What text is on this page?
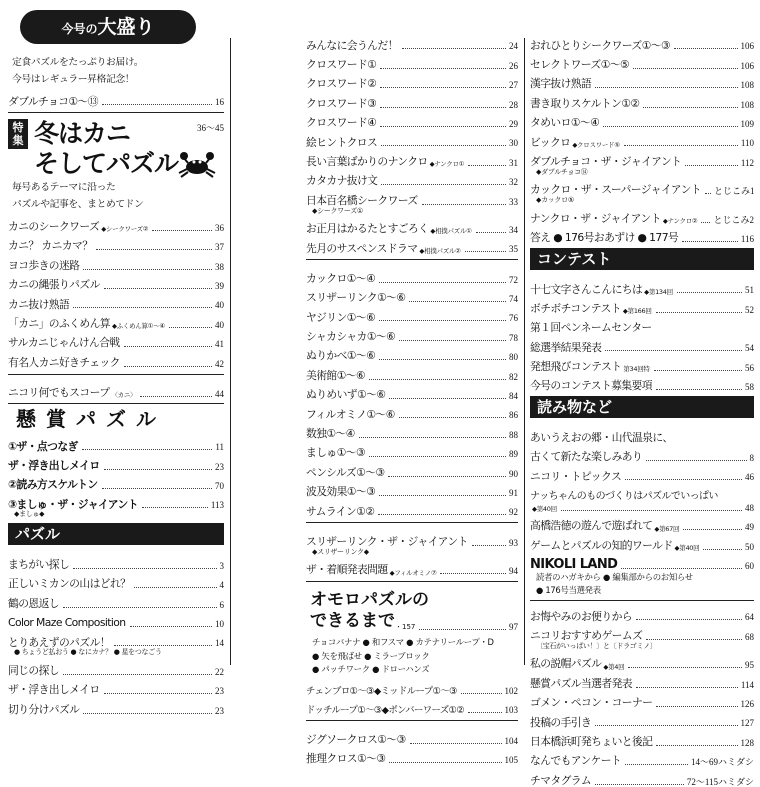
今号の大盛り
定食パズルをたっぷりお届け。
今号はレギュラー昇格記念！
ダブルチョコ①〜⑬	16
特集
36〜45
冬はカニ
そしてパズル
毎号あるテーマに沿った
パズルや記事を、まとめてドン
カニのシークワーズ ◆シークワーズ②	36
カニ？ カニカマ？	37
ヨコ歩きの迷路	38
カニの縄張りパズル	39
カニ抜け熟語	40
「カニ」のふくめん算 ◆ふくめん算①〜④	40
サルカニじゃんけん合戦	41
有名人カニ好きチェック	42
ニコリ何でもスコープ 〈カニ〉	44
懸賞パズル
①ザ・点つなぎ	11
ザ・浮き出しメイロ	23
②読み方スケルトン	70
③ましゅ・ザ・ジャイアント	113
◆ましゅ◆
パズル
まちがい探し	3
正しいミカンの山はどれ？	4
鶴の恩返し	6
Color Maze Composition	10
とりあえずのパズル！	14
● ちょうど払おう ● なにカナ？ ● 星をつなごう
同じの探し	22
ザ・浮き出しメイロ	23
切り分けパズル	23
みんなに会うんだ！	24
クロスワード①	26
クロスワード②	27
クロスワード③	28
クロスワード④	29
絵ヒントクロス	30
長い言葉ばかりのナンクロ ◆ナンクロ①	31
カタカナ抜け文	32
日本百名橋シークワーズ	33
◆シークワーズ①
お正月はかるたとすごろく ◆相撲パズル①	34
先月のサスペンスドラマ ◆相撲パズル②	35
カックロ①〜④	72
スリザーリンク①〜⑥	74
ヤジリン①〜⑥	76
シャカシャカ①〜⑥	78
ぬりかべ①〜⑥	80
美術館①〜⑥	82
ぬりめいず①〜⑥	84
フィルオミノ①〜⑥	86
数独①〜④	88
ましゅ①〜③	89
ペンシルズ①〜③	90
波及効果①〜③	91
サムライン①②	92
スリザーリンク・ザ・ジャイアント	93
◆スリザーリンク◆
ザ・着順発表問題 ◆フィルオミノ⑦	94
オモロパズルの
できるまで ・157	97
チョコバナナ ● 和フスマ ● カテナリーループ・D
● 矢を飛ばせ ● ミラーブロック
● パッチワーク ● ドローハンズ
チェンブロ①〜③◆ミッドループ①〜③	102
ドッチループ①〜③◆ボンバーワーズ①②	103
ジグソークロス①〜③	104
推理クロス①〜③	105
おれひとりシークワーズ①〜③	106
セレクトワーズ①〜⑤	106
漢字抜け熟語	108
書き取りスケルトン①②	108
タめいロ①〜④	109
ビックロ ◆クロスワード⑤	110
ダブルチョコ・ザ・ジャイアント	112
◆ダブルチョコ⑭
カックロ・ザ・スーパージャイアント とじこみ1
◆カックロ⑤
ナンクロ・ザ・ジャイアント ◆ナンクロ② とじこみ2
答え ● 176号おあずけ ● 177号	116
コンテスト
十七文字さんこんにちは ◆第134回	51
ボチボチコンテスト ◆第166回	52
第１回ペンネームセンター
総選挙結果発表	54
発想飛びコンテスト 第34回特	56
今号のコンテスト募集要項	58
読み物など
あいうえおの郷・山代温泉に、
古くて新たな楽しみあり	8
ニコリ・トピックス	46
ナッちゃんのものづくりはパズルでいっぱい
◆第40回	48
高橋浩徳の遊んで遊ばれて ◆第67回	49
ゲームとパズルの知的ワールド ◆第40回	50
NIKOLI LAND	60
読者のハガキから ● 編集部からのお知らせ
● 176号当選発表
お悔やみのお便りから	64
ニコリおすすめゲームズ	68
〔宝石がいっぱい！〕と〔ドラゴミノ〕
私の説帽パズル ◆第4回	95
懸賞パズル当選者発表	114
ゴメン・ペコン・コーナー	126
投稿の手引き	127
日本橋浜町発ちょいと後記	128
なんでもアンケート	14〜69ハミダシ
チマタグラム	72〜115ハミダシ
